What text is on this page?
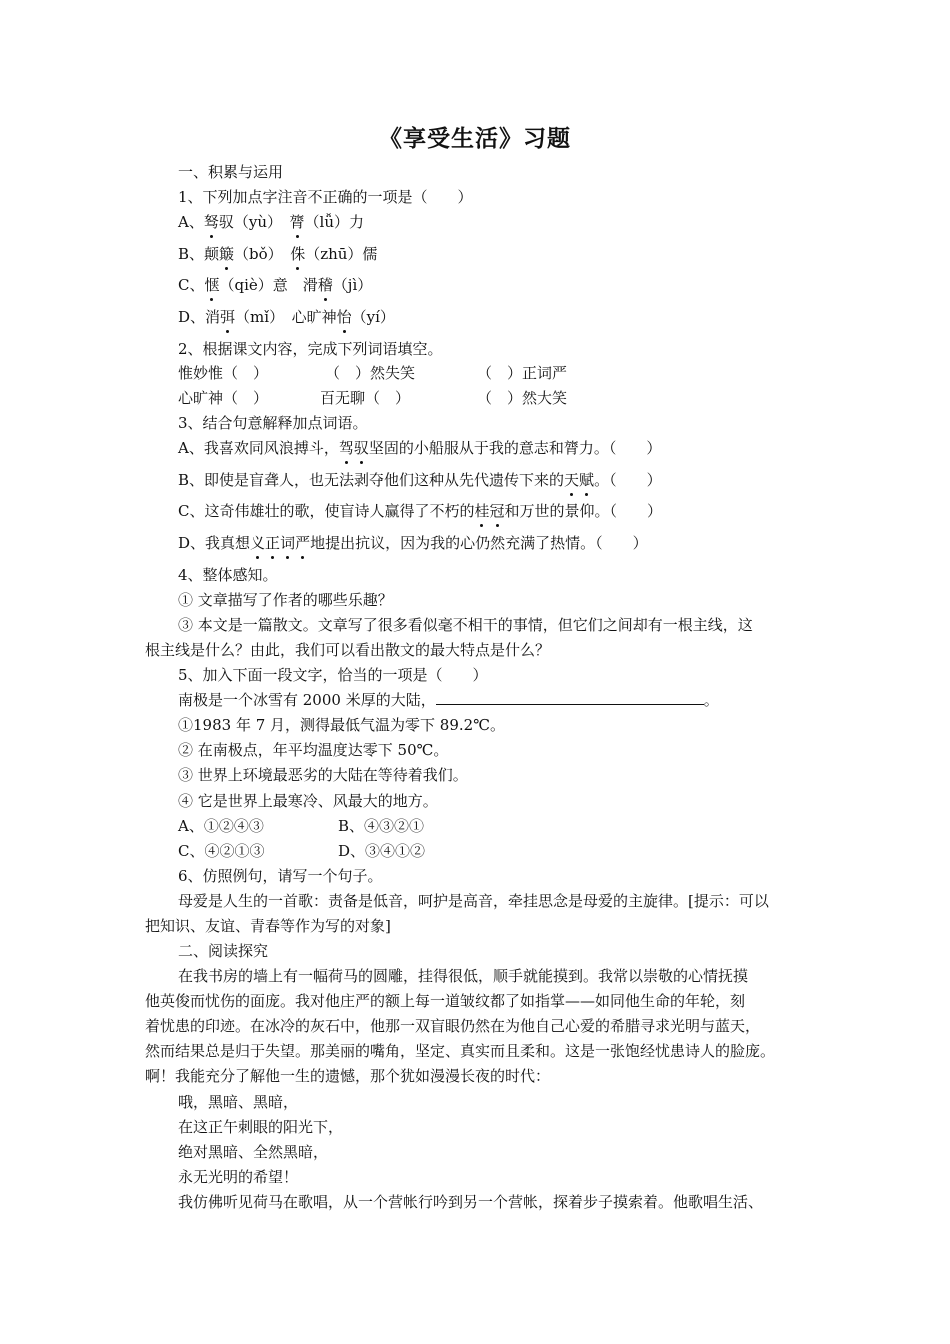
《享受生活》习题
一、积累与运用
1、下列加点字注音不正确的一项是（　　）
A、驽驭（yù）　膂（lǚ）力
B、颠簸（bǒ）　侏（zhū）儒
C、惬（qiè）意　滑稽（jì）
D、消弭（mǐ）　心旷神怡（yí）
2、根据课文内容，完成下列词语填空。
惟妙惟（　）	（　）然失笑	（　）正词严
心旷神（　）	百无聊（　）	（　）然大笑
3、结合句意解释加点词语。
A、我喜欢同风浪搏斗，驾驭坚固的小船服从于我的意志和膂力。（　　）
B、即使是盲聋人，也无法剥夺他们这种从先代遗传下来的天赋。（　　）
C、这奇伟雄壮的歌，使盲诗人赢得了不朽的桂冠和万世的景仰。（　　）
D、我真想义正词严地提出抗议，因为我的心仍然充满了热情。（　　）
4、整体感知。
① 文章描写了作者的哪些乐趣？
③ 本文是一篇散文。文章写了很多看似毫不相干的事情，但它们之间却有一根主线，这
根主线是什么？由此，我们可以看出散文的最大特点是什么？
5、加入下面一段文字，恰当的一项是（　　）
南极是一个冰雪有 2000 米厚的大陆，	。
①1983 年 7 月，测得最低气温为零下 89.2℃。
② 在南极点，年平均温度达零下 50℃。
③ 世界上环境最恶劣的大陆在等待着我们。
④ 它是世界上最寒冷、风最大的地方。
A、①②④③	B、④③②①
C、④②①③	D、③④①②
6、仿照例句，请写一个句子。
母爱是人生的一首歌：责备是低音，呵护是高音，牵挂思念是母爱的主旋律。[提示：可以
把知识、友谊、青春等作为写的对象]
二、阅读探究
在我书房的墙上有一幅荷马的圆雕，挂得很低，顺手就能摸到。我常以崇敬的心情抚摸
他英俊而忧伤的面庞。我对他庄严的额上每一道皱纹都了如指掌——如同他生命的年轮，刻
着忧患的印迹。在冰冷的灰石中，他那一双盲眼仍然在为他自己心爱的希腊寻求光明与蓝天，
然而结果总是归于失望。那美丽的嘴角，坚定、真实而且柔和。这是一张饱经忧患诗人的脸庞。
啊！我能充分了解他一生的遗憾，那个犹如漫漫长夜的时代：
哦，黑暗、黑暗，
在这正午刺眼的阳光下，
绝对黑暗、全然黑暗，
永无光明的希望！
我仿佛听见荷马在歌唱，从一个营帐行吟到另一个营帐，探着步子摸索着。他歌唱生活、
